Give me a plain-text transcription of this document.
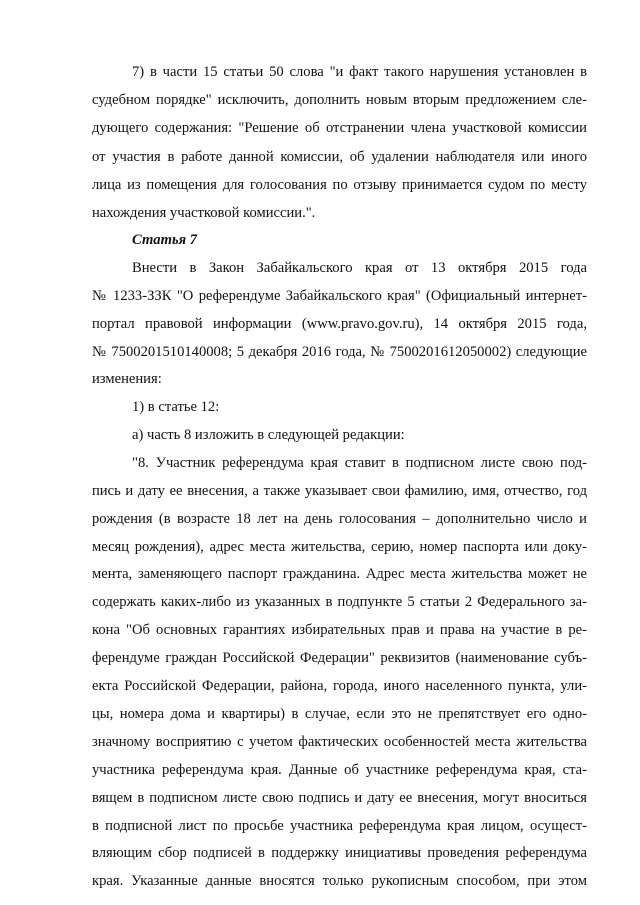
7) в части 15 статьи 50 слова "и факт такого нарушения установлен в
судебном порядке" исключить, дополнить новым вторым предложением сле-
дующего содержания: "Решение об отстранении члена участковой комиссии
от участия в работе данной комиссии, об удалении наблюдателя или иного
лица из помещения для голосования по отзыву принимается судом по месту
нахождения участковой комиссии.".
Статья 7
Внести в Закон Забайкальского края от 13 октября 2015 года
№ 1233-ЗЗК "О референдуме Забайкальского края" (Официальный интернет-
портал правовой информации (www.pravo.gov.ru), 14 октября 2015 года,
№ 7500201510140008; 5 декабря 2016 года, № 7500201612050002) следующие
изменения:
1) в статье 12:
а) часть 8 изложить в следующей редакции:
"8. Участник референдума края ставит в подписном листе свою под-
пись и дату ее внесения, а также указывает свои фамилию, имя, отчество, год
рождения (в возрасте 18 лет на день голосования – дополнительно число и
месяц рождения), адрес места жительства, серию, номер паспорта или доку-
мента, заменяющего паспорт гражданина. Адрес места жительства может не
содержать каких-либо из указанных в подпункте 5 статьи 2 Федерального за-
кона "Об основных гарантиях избирательных прав и права на участие в ре-
ферендуме граждан Российской Федерации" реквизитов (наименование субъ-
екта Российской Федерации, района, города, иного населенного пункта, ули-
цы, номера дома и квартиры) в случае, если это не препятствует его одно-
значному восприятию с учетом фактических особенностей места жительства
участника референдума края. Данные об участнике референдума края, ста-
вящем в подписном листе свою подпись и дату ее внесения, могут вноситься
в подписной лист по просьбе участника референдума края лицом, осущест-
вляющим сбор подписей в поддержку инициативы проведения референдума
края. Указанные данные вносятся только рукописным способом, при этом
